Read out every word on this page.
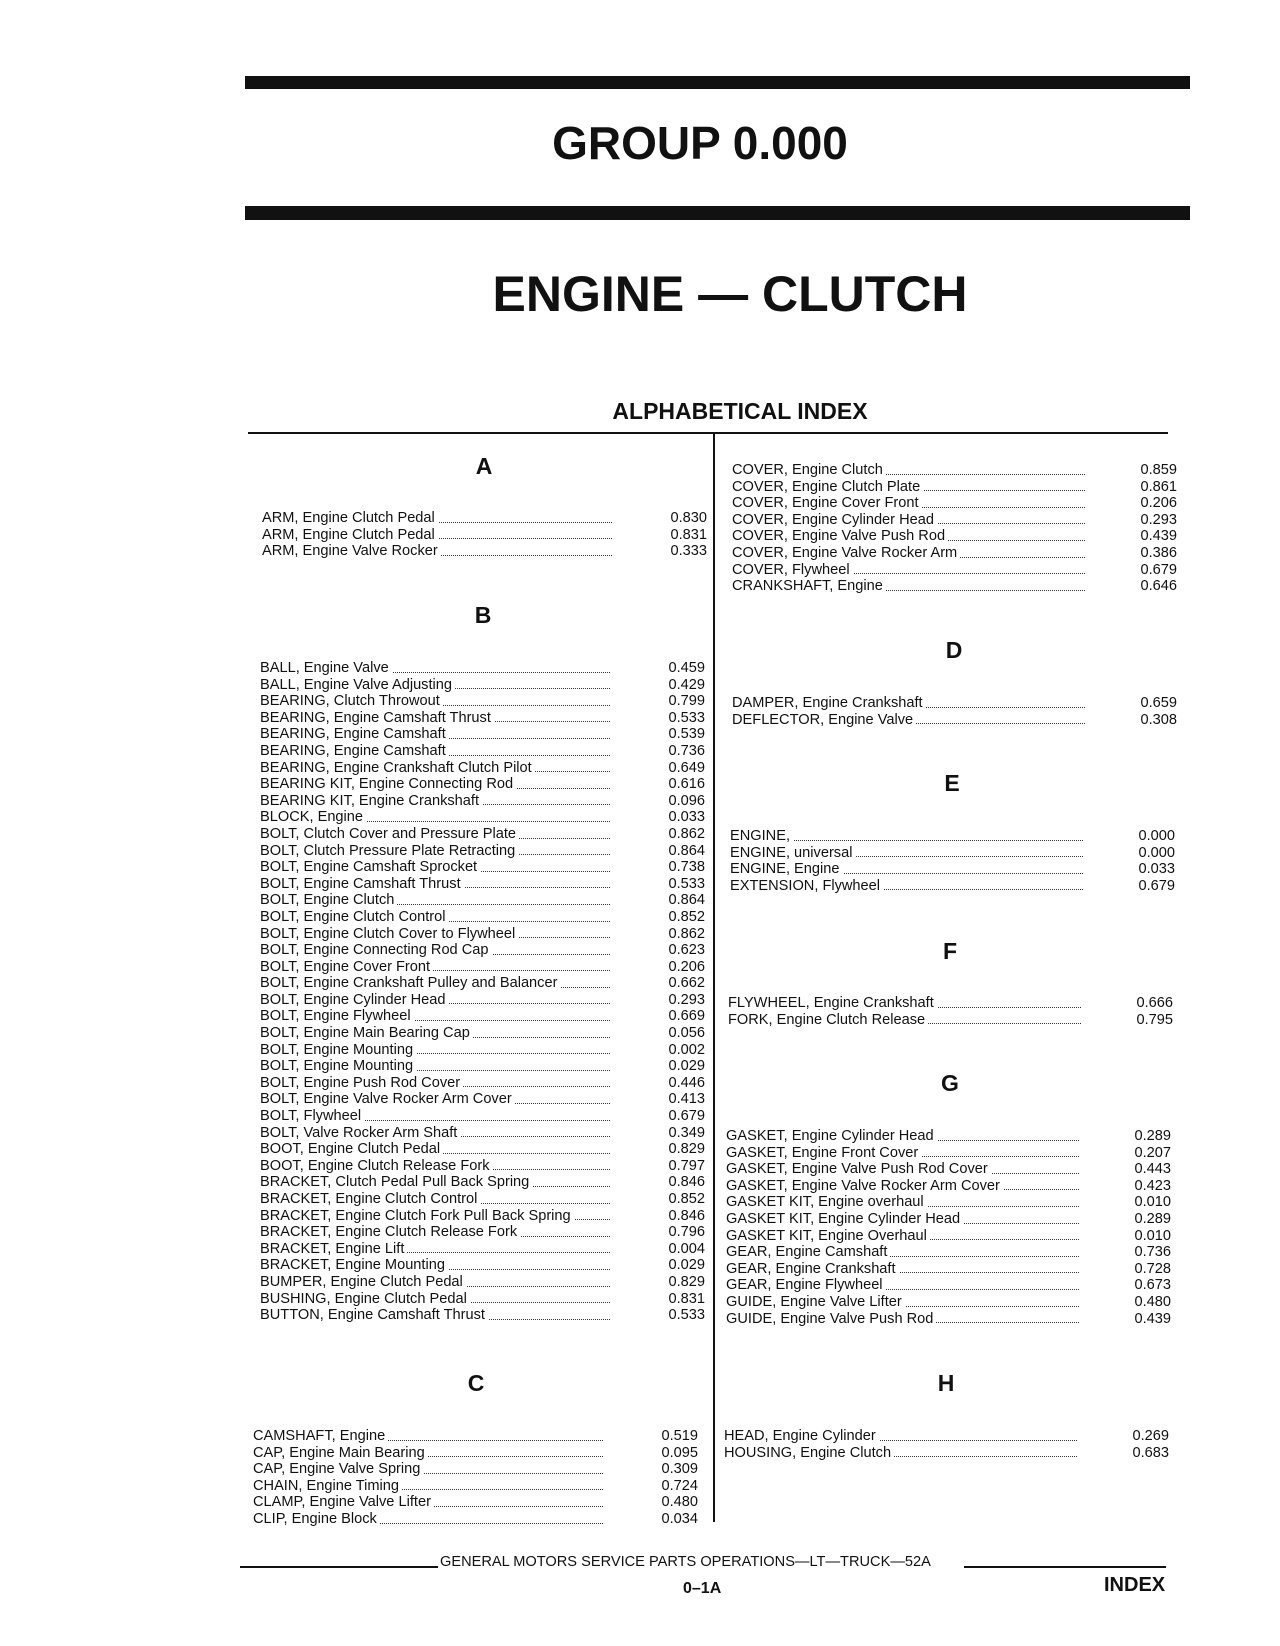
GROUP 0.000
ENGINE — CLUTCH
ALPHABETICAL INDEX
A
ARM, Engine Clutch Pedal	0.830
ARM, Engine Clutch Pedal	0.831
ARM, Engine Valve Rocker	0.333
B
BALL, Engine Valve	0.459
BALL, Engine Valve Adjusting	0.429
BEARING, Clutch Throwout	0.799
BEARING, Engine Camshaft Thrust	0.533
BEARING, Engine Camshaft	0.539
BEARING, Engine Camshaft	0.736
BEARING, Engine Crankshaft Clutch Pilot	0.649
BEARING KIT, Engine Connecting Rod	0.616
BEARING KIT, Engine Crankshaft	0.096
BLOCK, Engine	0.033
BOLT, Clutch Cover and Pressure Plate	0.862
BOLT, Clutch Pressure Plate Retracting	0.864
BOLT, Engine Camshaft Sprocket	0.738
BOLT, Engine Camshaft Thrust	0.533
BOLT, Engine Clutch	0.864
BOLT, Engine Clutch Control	0.852
BOLT, Engine Clutch Cover to Flywheel	0.862
BOLT, Engine Connecting Rod Cap	0.623
BOLT, Engine Cover Front	0.206
BOLT, Engine Crankshaft Pulley and Balancer	0.662
BOLT, Engine Cylinder Head	0.293
BOLT, Engine Flywheel	0.669
BOLT, Engine Main Bearing Cap	0.056
BOLT, Engine Mounting	0.002
BOLT, Engine Mounting	0.029
BOLT, Engine Push Rod Cover	0.446
BOLT, Engine Valve Rocker Arm Cover	0.413
BOLT, Flywheel	0.679
BOLT, Valve Rocker Arm Shaft	0.349
BOOT, Engine Clutch Pedal	0.829
BOOT, Engine Clutch Release Fork	0.797
BRACKET, Clutch Pedal Pull Back Spring	0.846
BRACKET, Engine Clutch Control	0.852
BRACKET, Engine Clutch Fork Pull Back Spring	0.846
BRACKET, Engine Clutch Release Fork	0.796
BRACKET, Engine Lift	0.004
BRACKET, Engine Mounting	0.029
BUMPER, Engine Clutch Pedal	0.829
BUSHING, Engine Clutch Pedal	0.831
BUTTON, Engine Camshaft Thrust	0.533
C
CAMSHAFT, Engine	0.519
CAP, Engine Main Bearing	0.095
CAP, Engine Valve Spring	0.309
CHAIN, Engine Timing	0.724
CLAMP, Engine Valve Lifter	0.480
CLIP, Engine Block	0.034
COVER, Engine Clutch	0.859
COVER, Engine Clutch Plate	0.861
COVER, Engine Cover Front	0.206
COVER, Engine Cylinder Head	0.293
COVER, Engine Valve Push Rod	0.439
COVER, Engine Valve Rocker Arm	0.386
COVER, Flywheel	0.679
CRANKSHAFT, Engine	0.646
D
DAMPER, Engine Crankshaft	0.659
DEFLECTOR, Engine Valve	0.308
E
ENGINE,	0.000
ENGINE, universal	0.000
ENGINE, Engine	0.033
EXTENSION, Flywheel	0.679
F
FLYWHEEL, Engine Crankshaft	0.666
FORK, Engine Clutch Release	0.795
G
GASKET, Engine Cylinder Head	0.289
GASKET, Engine Front Cover	0.207
GASKET, Engine Valve Push Rod Cover	0.443
GASKET, Engine Valve Rocker Arm Cover	0.423
GASKET KIT, Engine overhaul	0.010
GASKET KIT, Engine Cylinder Head	0.289
GASKET KIT, Engine Overhaul	0.010
GEAR, Engine Camshaft	0.736
GEAR, Engine Crankshaft	0.728
GEAR, Engine Flywheel	0.673
GUIDE, Engine Valve Lifter	0.480
GUIDE, Engine Valve Push Rod	0.439
H
HEAD, Engine Cylinder	0.269
HOUSING, Engine Clutch	0.683
GENERAL MOTORS SERVICE PARTS OPERATIONS—LT—TRUCK—52A
0–1A	INDEX
